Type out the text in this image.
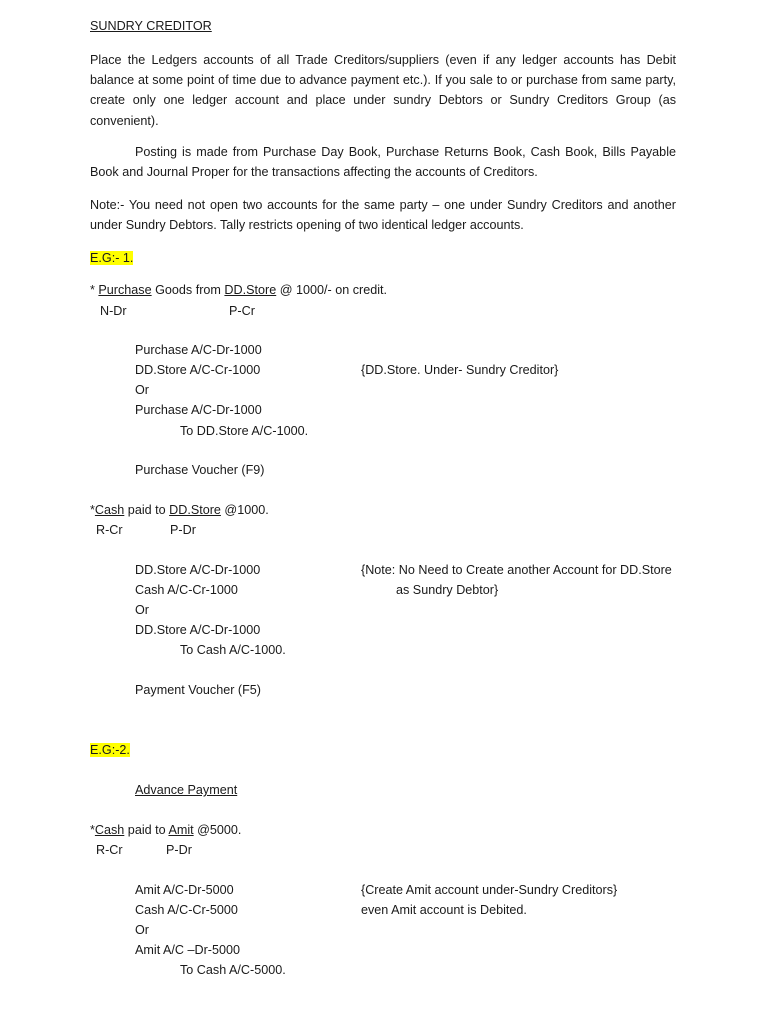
SUNDRY CREDITOR
Place the Ledgers accounts of all Trade Creditors/suppliers (even if any ledger accounts has Debit balance at some point of time due to advance payment etc.). If you sale to or purchase from same party, create only one ledger account and place under sundry Debtors or Sundry Creditors Group (as convenient).
Posting is made from Purchase Day Book, Purchase Returns Book, Cash Book, Bills Payable Book and Journal Proper for the transactions affecting the accounts of Creditors.
Note:- You need not open two accounts for the same party – one under Sundry Creditors and another under Sundry Debtors. Tally restricts opening of two identical ledger accounts.
E.G:- 1.
* Purchase Goods from DD.Store @ 1000/- on credit.
N-Dr	P-Cr
Purchase A/C-Dr-1000
DD.Store A/C-Cr-1000	{DD.Store. Under- Sundry Creditor}
Or
Purchase A/C-Dr-1000
To DD.Store A/C-1000.
Purchase Voucher (F9)
*Cash paid to DD.Store @1000.
R-Cr	P-Dr
DD.Store A/C-Dr-1000	{Note: No Need to Create another Account for DD.Store
Cash A/C-Cr-1000	as Sundry Debtor}
Or
DD.Store A/C-Dr-1000
To Cash A/C-1000.
Payment Voucher (F5)
E.G:-2.
Advance Payment
*Cash paid to Amit @5000.
R-Cr	P-Dr
Amit A/C-Dr-5000	{Create Amit account under-Sundry Creditors}
Cash A/C-Cr-5000	even Amit account is Debited.
Or
Amit A/C –Dr-5000
To Cash A/C-5000.
